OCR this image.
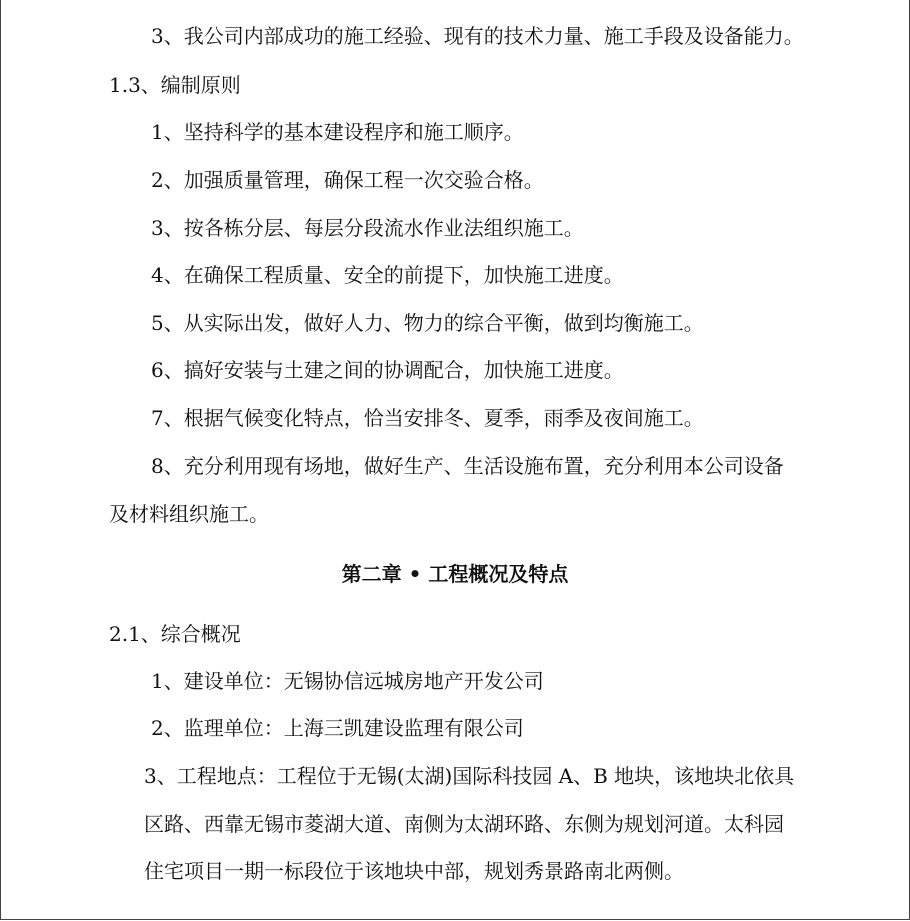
3、我公司内部成功的施工经验、现有的技术力量、施工手段及设备能力。
1.3、编制原则
1、坚持科学的基本建设程序和施工顺序。
2、加强质量管理，确保工程一次交验合格。
3、按各栋分层、每层分段流水作业法组织施工。
4、在确保工程质量、安全的前提下，加快施工进度。
5、从实际出发，做好人力、物力的综合平衡，做到均衡施工。
6、搞好安装与土建之间的协调配合，加快施工进度。
7、根据气候变化特点，恰当安排冬、夏季，雨季及夜间施工。
8、充分利用现有场地，做好生产、生活设施布置，充分利用本公司设备
及材料组织施工。
第二章 • 工程概况及特点
2.1、综合概况
1、建设单位：无锡协信远城房地产开发公司
2、监理单位：上海三凯建设监理有限公司
3、工程地点：工程位于无锡(太湖)国际科技园 A、B 地块，该地块北依具
区路、西靠无锡市菱湖大道、南侧为太湖环路、东侧为规划河道。太科园
住宅项目一期一标段位于该地块中部，规划秀景路南北两侧。
